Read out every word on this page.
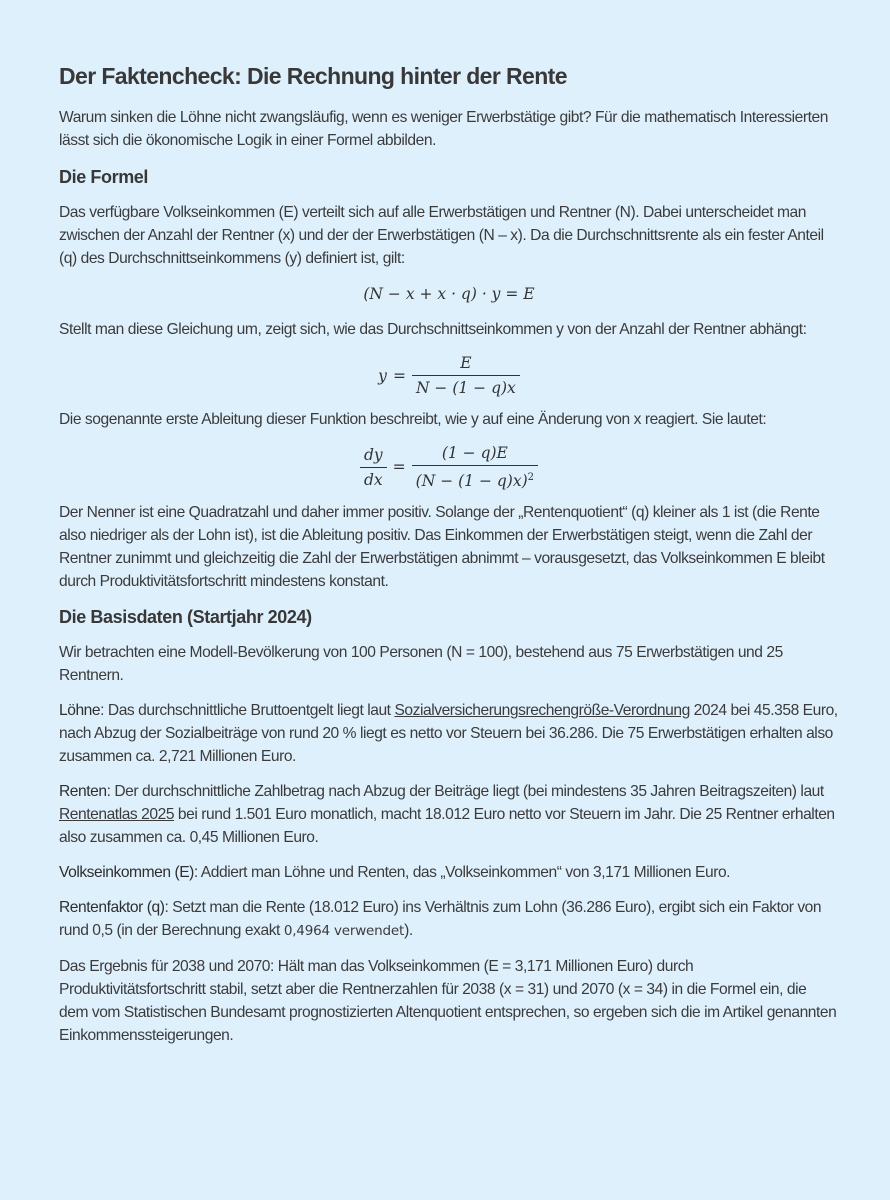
Der Faktencheck: Die Rechnung hinter der Rente

Warum sinken die Löhne nicht zwangsläufig, wenn es weniger Erwerbstätige gibt? Für die mathematisch Interessierten lässt sich die ökonomische Logik in einer Formel abbilden.

Die Formel

Das verfügbare Volkseinkommen (E) verteilt sich auf alle Erwerbstätigen und Rentner (N). Dabei unterscheidet man zwischen der Anzahl der Rentner (x) und der der Erwerbstätigen (N – x). Da die Durchschnittsrente als ein fester Anteil (q) des Durchschnittseinkommens (y) definiert ist, gilt:

(N − x + x · q) · y = E

Stellt man diese Gleichung um, zeigt sich, wie das Durchschnittseinkommen y von der Anzahl der Rentner abhängt:

$y = \frac{E}{N - (1 - q)x}$

Die sogenannte erste Ableitung dieser Funktion beschreibt, wie y auf eine Änderung von x reagiert. Sie lautet:

$\frac{dy}{dx} = \frac{(1 - q)E}{(N - (1 - q)x)^2}$

Der Nenner ist eine Quadratzahl und daher immer positiv. Solange der „Rentenquotient“ (q) kleiner als 1 ist (die Rente also niedriger als der Lohn ist), ist die Ableitung positiv. Das Einkommen der Erwerbstätigen steigt, wenn die Zahl der Rentner zunimmt und gleichzeitig die Zahl der Erwerbstätigen abnimmt – vorausgesetzt, das Volkseinkommen E bleibt durch Produktivitätsfortschritt mindestens konstant.

Die Basisdaten (Startjahr 2024)

Wir betrachten eine Modell-Bevölkerung von 100 Personen (N = 100), bestehend aus 75 Erwerbstätigen und 25 Rentnern.

Löhne: Das durchschnittliche Bruttoentgelt liegt laut Sozialversicherungsrechengröße-Verordnung 2024 bei 45.358 Euro, nach Abzug der Sozialbeiträge von rund 20 % liegt es netto vor Steuern bei 36.286. Die 75 Erwerbstätigen erhalten also zusammen ca. 2,721 Millionen Euro.

Renten: Der durchschnittliche Zahlbetrag nach Abzug der Beiträge liegt (bei mindestens 35 Jahren Beitragszeiten) laut Rentenatlas 2025 bei rund 1.501 Euro monatlich, macht 18.012 Euro netto vor Steuern im Jahr. Die 25 Rentner erhalten also zusammen ca. 0,45 Millionen Euro.

Volkseinkommen (E): Addiert man Löhne und Renten, das „Volkseinkommen“ von 3,171 Millionen Euro.

Rentenfaktor (q): Setzt man die Rente (18.012 Euro) ins Verhältnis zum Lohn (36.286 Euro), ergibt sich ein Faktor von rund 0,5 (in der Berechnung exakt 0,4964 verwendet).

Das Ergebnis für 2038 und 2070: Hält man das Volkseinkommen (E = 3,171 Millionen Euro) durch Produktivitätsfortschritt stabil, setzt aber die Rentnerzahlen für 2038 (x = 31) und 2070 (x = 34) in die Formel ein, die dem vom Statistischen Bundesamt prognostizierten Altenquotient entsprechen, so ergeben sich die im Artikel genannten Einkommenssteigerungen.
